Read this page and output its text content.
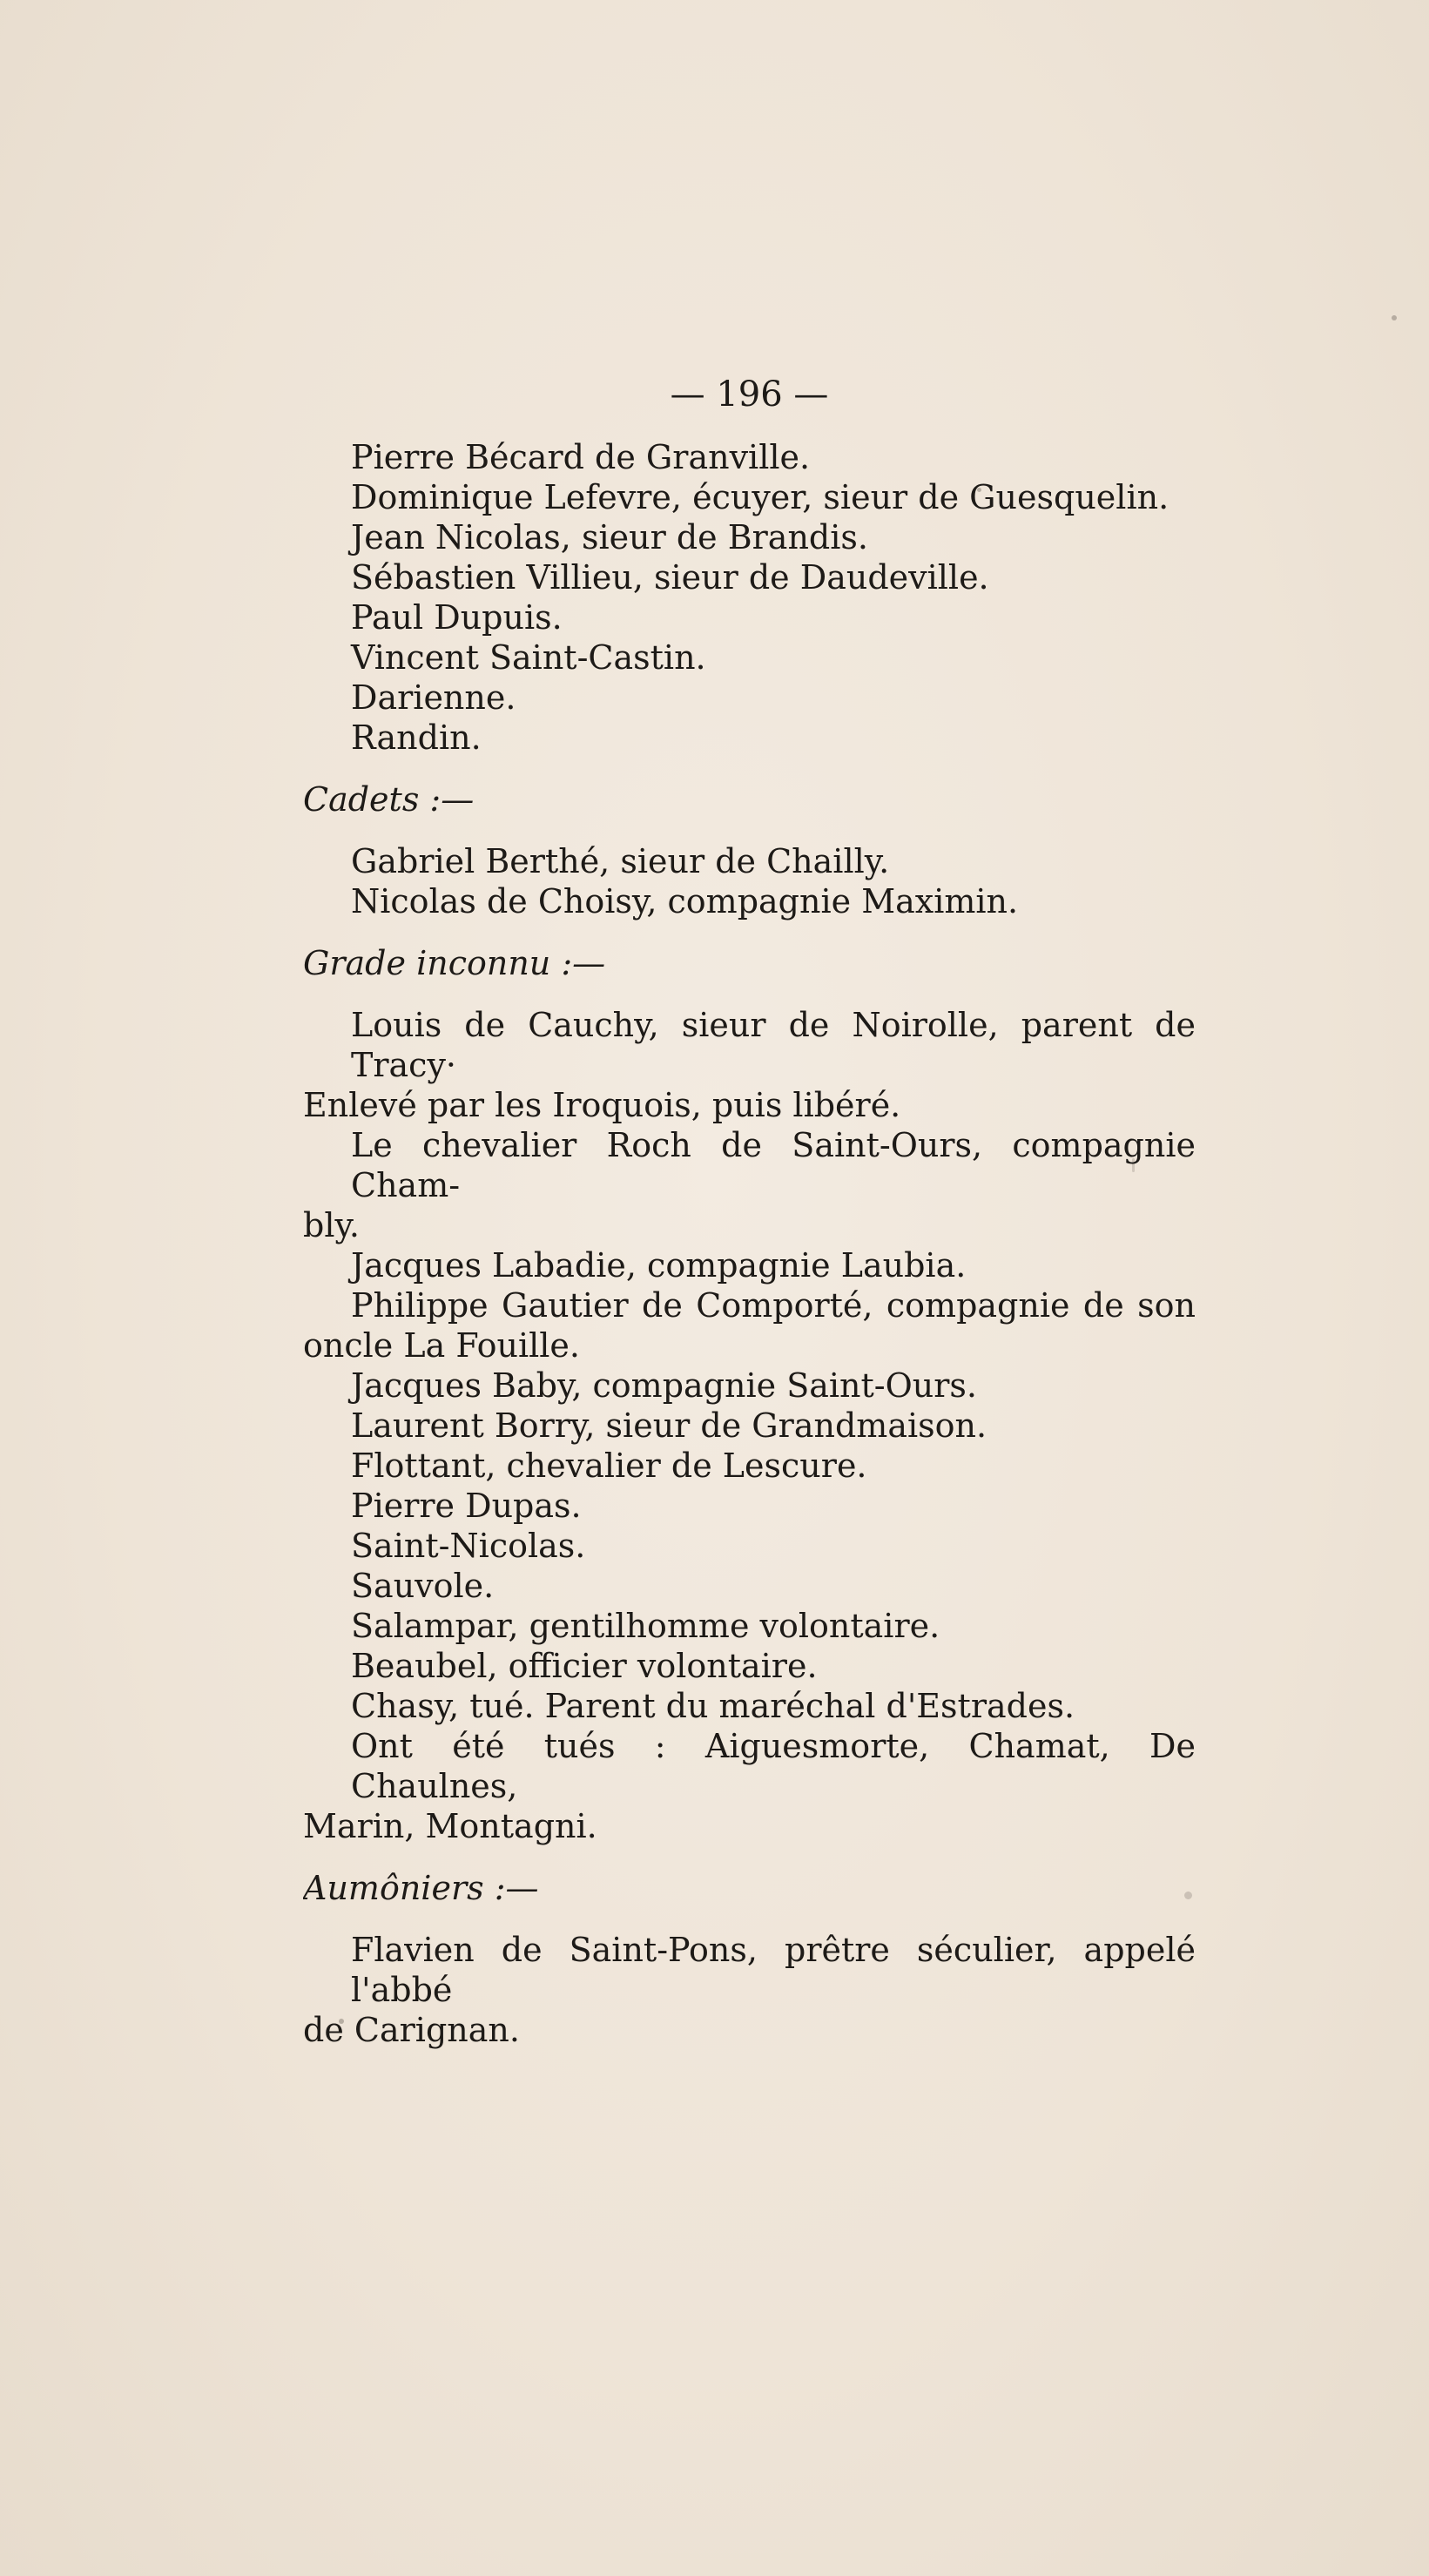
— 196 —
Pierre Bécard de Granville.
Dominique Lefevre, écuyer, sieur de Guesquelin.
Jean Nicolas, sieur de Brandis.
Sébastien Villieu, sieur de Daudeville.
Paul Dupuis.
Vincent Saint-Castin.
Darienne.
Randin.
Cadets :—
Gabriel Berthé, sieur de Chailly.
Nicolas de Choisy, compagnie Maximin.
Grade inconnu :—
Louis de Cauchy, sieur de Noirolle, parent de Tracy·
Enlevé par les Iroquois, puis libéré.
Le chevalier Roch de Saint-Ours, compagnie Cham-
bly.
Jacques Labadie, compagnie Laubia.
Philippe Gautier de Comporté, compagnie de son
oncle La Fouille.
Jacques Baby, compagnie Saint-Ours.
Laurent Borry, sieur de Grandmaison.
Flottant, chevalier de Lescure.
Pierre Dupas.
Saint-Nicolas.
Sauvole.
Salampar, gentilhomme volontaire.
Beaubel, officier volontaire.
Chasy, tué. Parent du maréchal d'Estrades.
Ont été tués : Aiguesmorte, Chamat, De Chaulnes,
Marin, Montagni.
Aumôniers :—
Flavien de Saint-Pons, prêtre séculier, appelé l'abbé
de Carignan.
